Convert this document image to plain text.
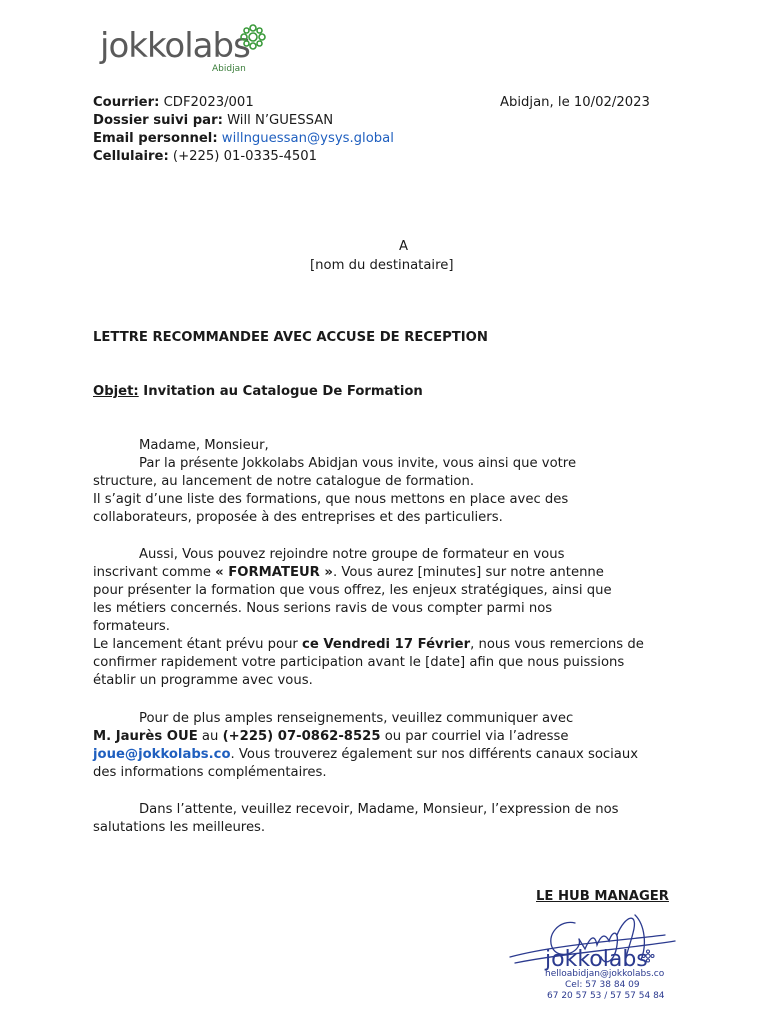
jokkolabs
Abidjan
Courrier: CDF2023/001	Abidjan, le 10/02/2023
Dossier suivi par: Will N’GUESSAN
Email personnel: willnguessan@ysys.global
Cellulaire: (+225) 01-0335-4501
A
[nom du destinataire]
LETTRE RECOMMANDEE AVEC ACCUSE DE RECEPTION
Objet: Invitation au Catalogue De Formation
Madame, Monsieur,
Par la présente Jokkolabs Abidjan vous invite, vous ainsi que votre
structure, au lancement de notre catalogue de formation.
Il s’agit d’une liste des formations, que nous mettons en place avec des
collaborateurs, proposée à des entreprises et des particuliers.
Aussi, Vous pouvez rejoindre notre groupe de formateur en vous
inscrivant comme « FORMATEUR ». Vous aurez [minutes] sur notre antenne
pour présenter la formation que vous offrez, les enjeux stratégiques, ainsi que
les métiers concernés. Nous serions ravis de vous compter parmi nos
formateurs.
Le lancement étant prévu pour ce Vendredi 17 Février, nous vous remercions de
confirmer rapidement votre participation avant le [date] afin que nous puissions
établir un programme avec vous.
Pour de plus amples renseignements, veuillez communiquer avec
M. Jaurès OUE au (+225) 07-0862-8525 ou par courriel via l’adresse
joue@jokkolabs.co. Vous trouverez également sur nos différents canaux sociaux
des informations complémentaires.
Dans l’attente, veuillez recevoir, Madame, Monsieur, l’expression de nos
salutations les meilleures.
LE HUB MANAGER
jokkolabs
helloabidjan@jokkolabs.co
Cel: 57 38 84 09
67 20 57 53 / 57 57 54 84
